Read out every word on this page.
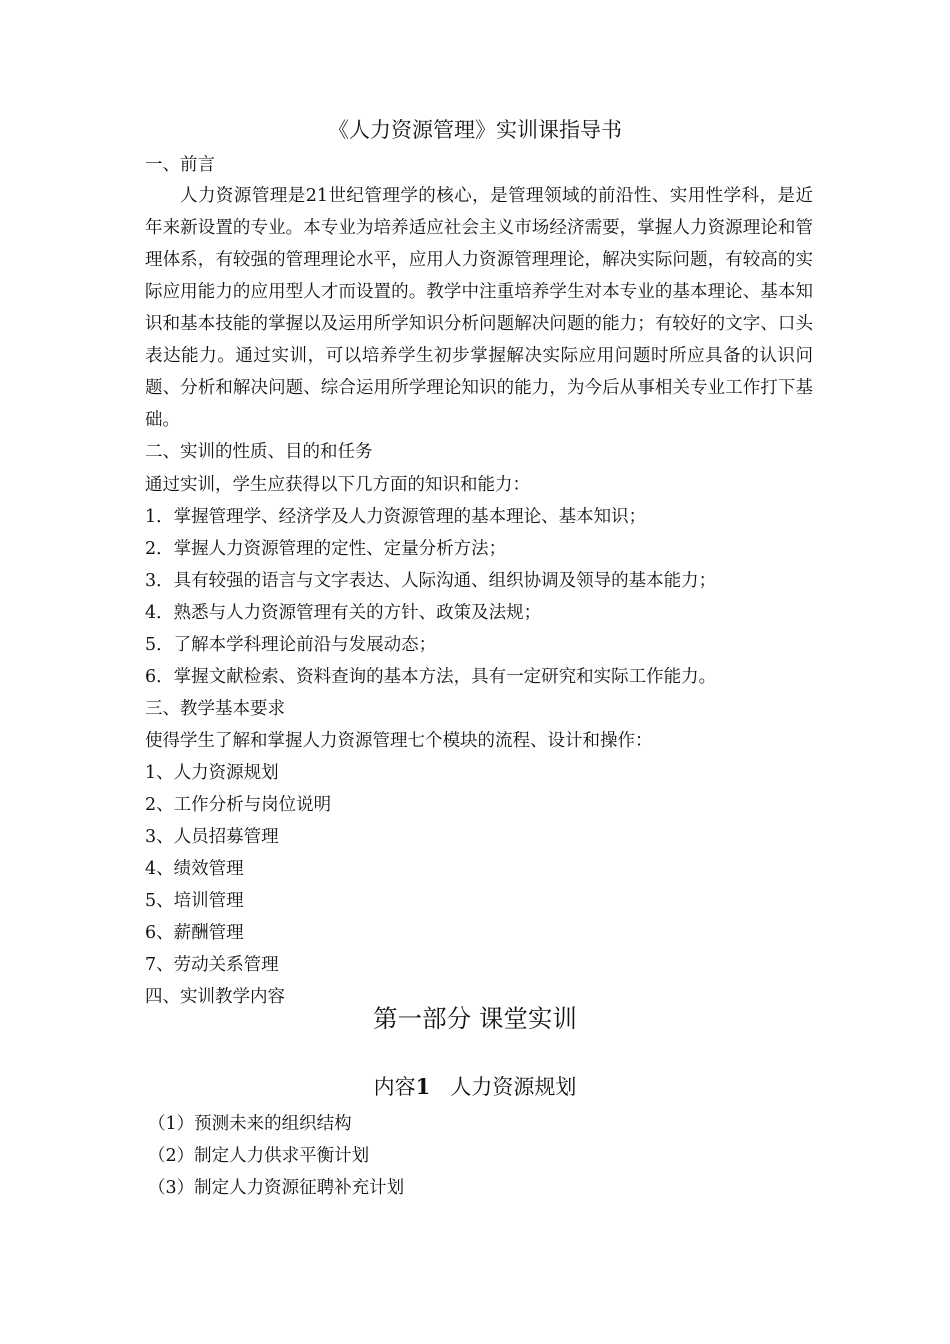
《人力资源管理》实训课指导书
一、前言

人力资源管理是21世纪管理学的核心，是管理领域的前沿性、实用性学科，是近年来新设置的专业。本专业为培养适应社会主义市场经济需要，掌握人力资源理论和管理体系，有较强的管理理论水平，应用人力资源管理理论，解决实际问题，有较高的实际应用能力的应用型人才而设置的。教学中注重培养学生对本专业的基本理论、基本知识和基本技能的掌握以及运用所学知识分析问题解决问题的能力；有较好的文字、口头表达能力。通过实训，可以培养学生初步掌握解决实际应用问题时所应具备的认识问题、分析和解决问题、综合运用所学理论知识的能力，为今后从事相关专业工作打下基础。

二、实训的性质、目的和任务
通过实训，学生应获得以下几方面的知识和能力：
1．掌握管理学、经济学及人力资源管理的基本理论、基本知识；
2．掌握人力资源管理的定性、定量分析方法；
3．具有较强的语言与文字表达、人际沟通、组织协调及领导的基本能力；
4．熟悉与人力资源管理有关的方针、政策及法规；
5．了解本学科理论前沿与发展动态；
6．掌握文献检索、资料查询的基本方法，具有一定研究和实际工作能力。
三、教学基本要求
使得学生了解和掌握人力资源管理七个模块的流程、设计和操作：
1、人力资源规划
2、工作分析与岗位说明
3、人员招募管理
4、绩效管理
5、培训管理
6、薪酬管理
7、劳动关系管理
四、实训教学内容
第一部分 课堂实训
内容1 人力资源规划
（1）预测未来的组织结构
（2）制定人力供求平衡计划
（3）制定人力资源征聘补充计划
